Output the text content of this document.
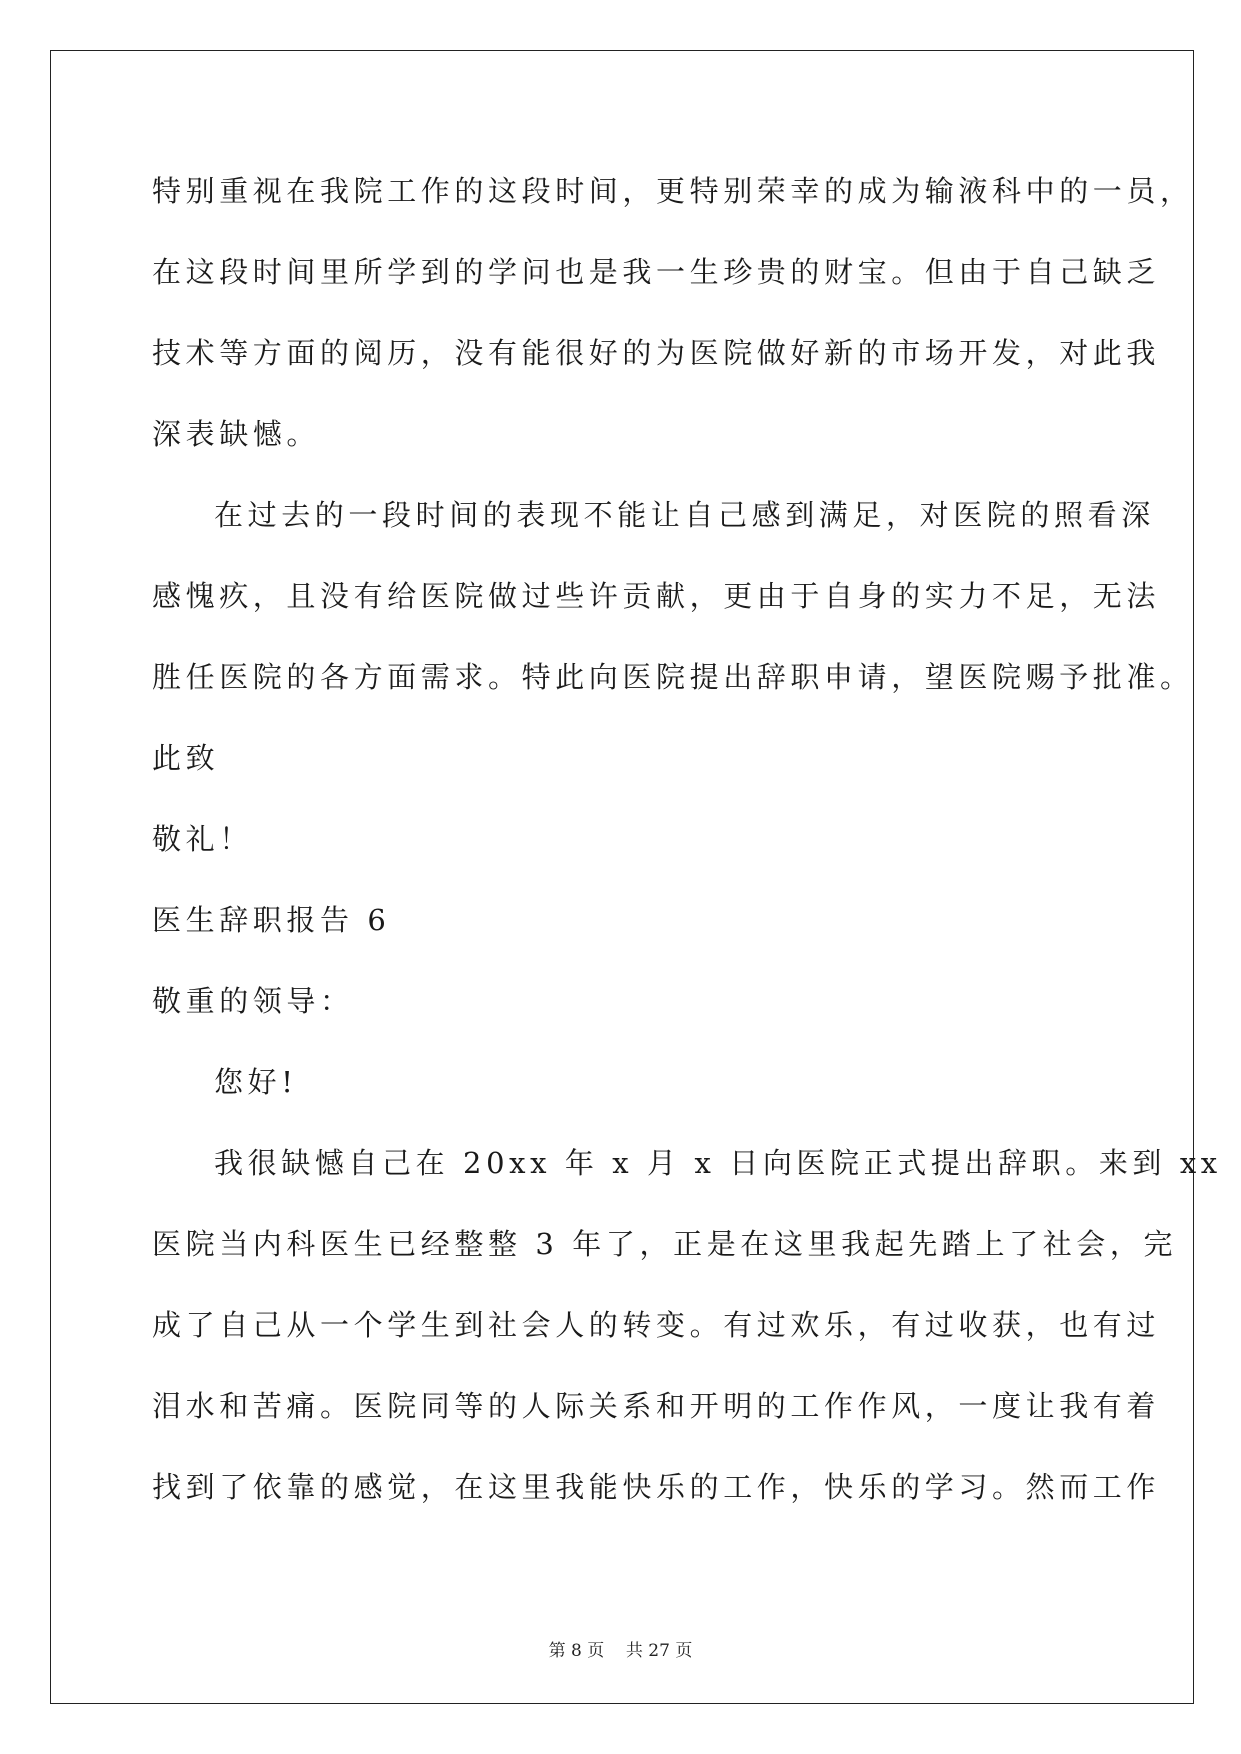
特别重视在我院工作的这段时间，更特别荣幸的成为输液科中的一员，
在这段时间里所学到的学问也是我一生珍贵的财宝。但由于自己缺乏
技术等方面的阅历，没有能很好的为医院做好新的市场开发，对此我
深表缺憾。
在过去的一段时间的表现不能让自己感到满足，对医院的照看深
感愧疚，且没有给医院做过些许贡献，更由于自身的实力不足，无法
胜任医院的各方面需求。特此向医院提出辞职申请，望医院赐予批准。
此致
敬礼！
医生辞职报告 6
敬重的领导：
您好!
我很缺憾自己在 20xx 年 x 月 x 日向医院正式提出辞职。来到 xx
医院当内科医生已经整整 3 年了，正是在这里我起先踏上了社会，完
成了自己从一个学生到社会人的转变。有过欢乐，有过收获，也有过
泪水和苦痛。医院同等的人际关系和开明的工作作风，一度让我有着
找到了依靠的感觉，在这里我能快乐的工作，快乐的学习。然而工作
第 8 页    共 27 页
